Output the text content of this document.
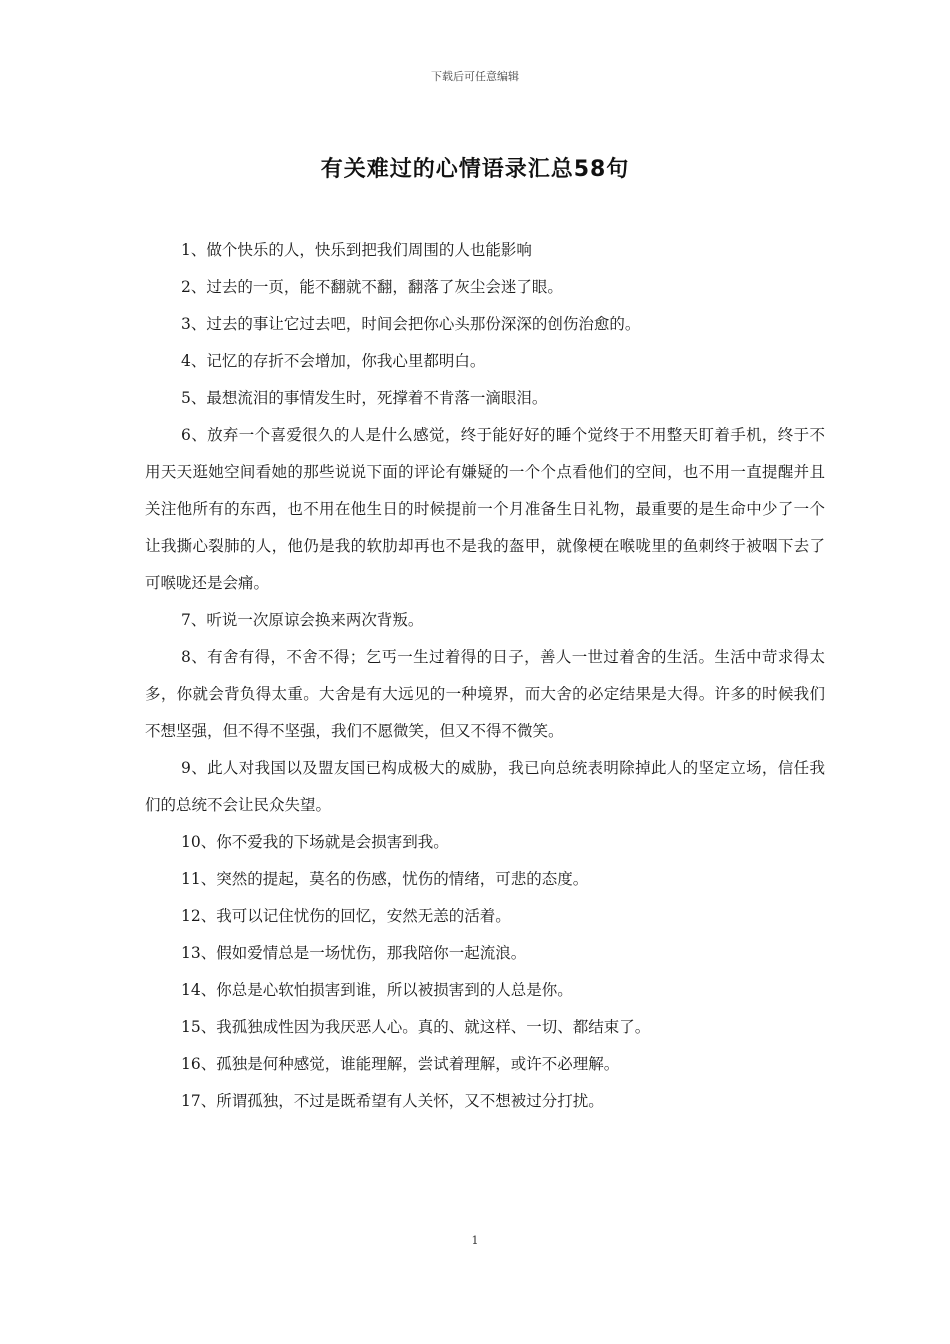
下载后可任意编辑
有关难过的心情语录汇总58句

1、做个快乐的人，快乐到把我们周围的人也能影响

2、过去的一页，能不翻就不翻，翻落了灰尘会迷了眼。

3、过去的事让它过去吧，时间会把你心头那份深深的创伤治愈的。

4、记忆的存折不会增加，你我心里都明白。

5、最想流泪的事情发生时，死撑着不肯落一滴眼泪。

6、放弃一个喜爱很久的人是什么感觉，终于能好好的睡个觉终于不用整天盯着手机，终于不用天天逛她空间看她的那些说说下面的评论有嫌疑的一个个点看他们的空间，也不用一直提醒并且关注他所有的东西，也不用在他生日的时候提前一个月准备生日礼物，最重要的是生命中少了一个让我撕心裂肺的人，他仍是我的软肋却再也不是我的盔甲，就像梗在喉咙里的鱼刺终于被咽下去了可喉咙还是会痛。

7、听说一次原谅会换来两次背叛。

8、有舍有得，不舍不得；乞丐一生过着得的日子，善人一世过着舍的生活。生活中苛求得太多，你就会背负得太重。大舍是有大远见的一种境界，而大舍的必定结果是大得。许多的时候我们不想坚强，但不得不坚强，我们不愿微笑，但又不得不微笑。

9、此人对我国以及盟友国已构成极大的威胁，我已向总统表明除掉此人的坚定立场，信任我们的总统不会让民众失望。

10、你不爱我的下场就是会损害到我。

11、突然的提起，莫名的伤感，忧伤的情绪，可悲的态度。

12、我可以记住忧伤的回忆，安然无恙的活着。

13、假如爱情总是一场忧伤，那我陪你一起流浪。

14、你总是心软怕损害到谁，所以被损害到的人总是你。

15、我孤独成性因为我厌恶人心。真的、就这样、一切、都结束了。

16、孤独是何种感觉，谁能理解，尝试着理解，或许不必理解。

17、所谓孤独，不过是既希望有人关怀，又不想被过分打扰。

1
